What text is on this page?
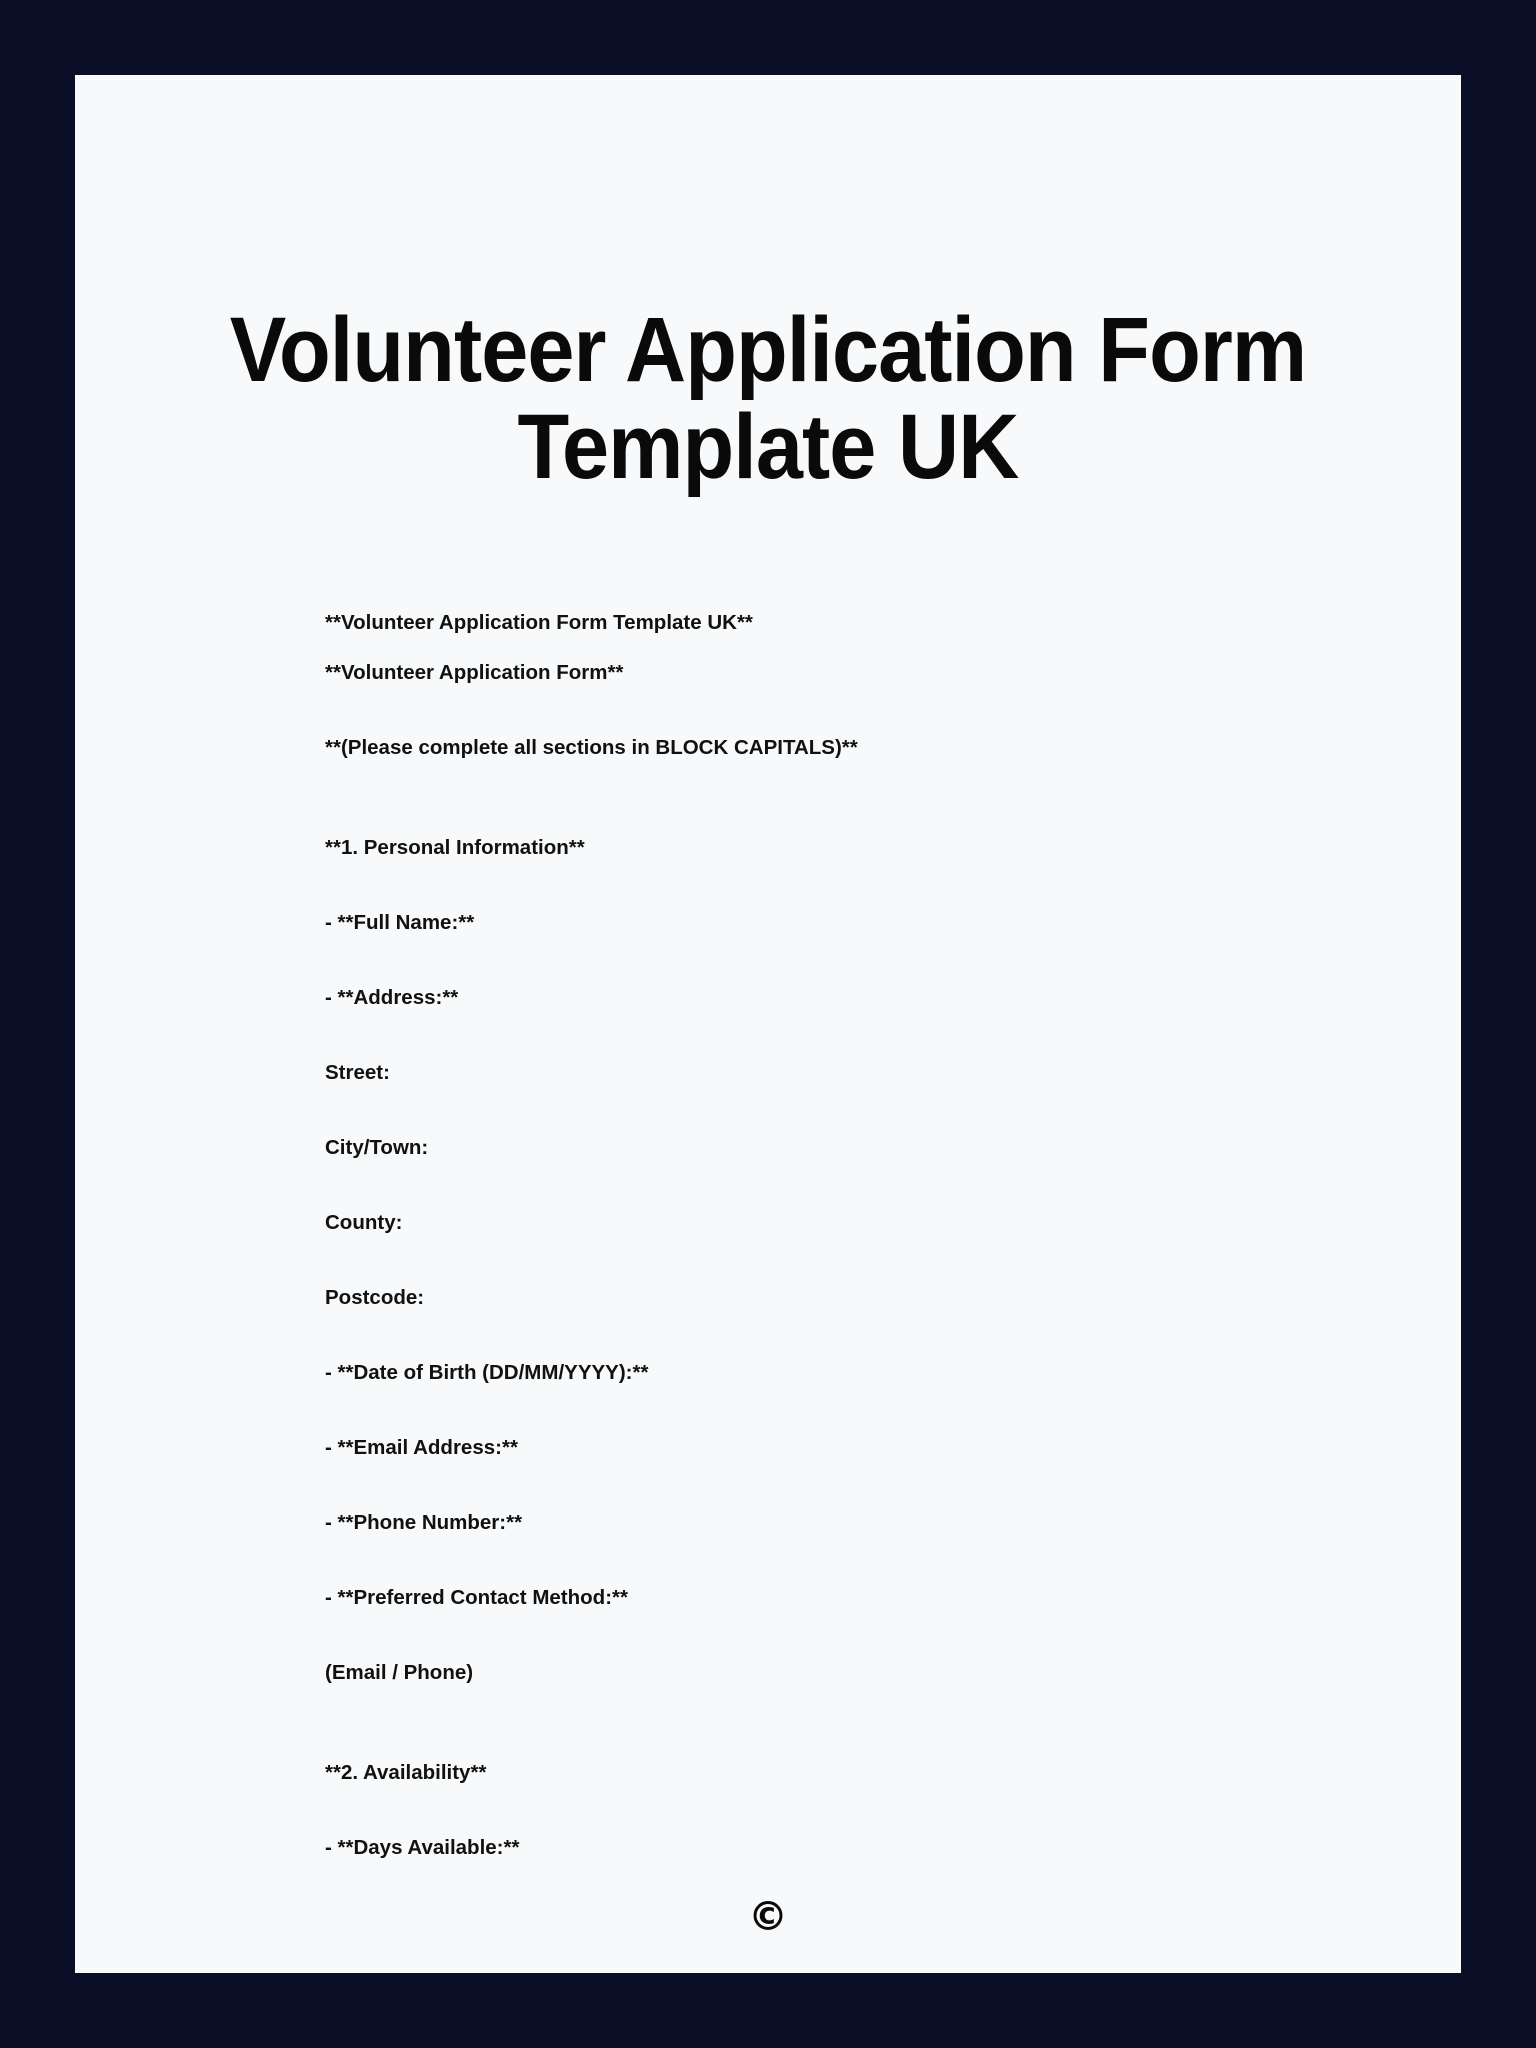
Volunteer Application Form
Template UK
**Volunteer Application Form Template UK**
**Volunteer Application Form**
**(Please complete all sections in BLOCK CAPITALS)**
**1. Personal Information**
- **Full Name:**
- **Address:**
Street:
City/Town:
County:
Postcode:
- **Date of Birth (DD/MM/YYYY):**
- **Email Address:**
- **Phone Number:**
- **Preferred Contact Method:**
(Email / Phone)
**2. Availability**
- **Days Available:**
©
